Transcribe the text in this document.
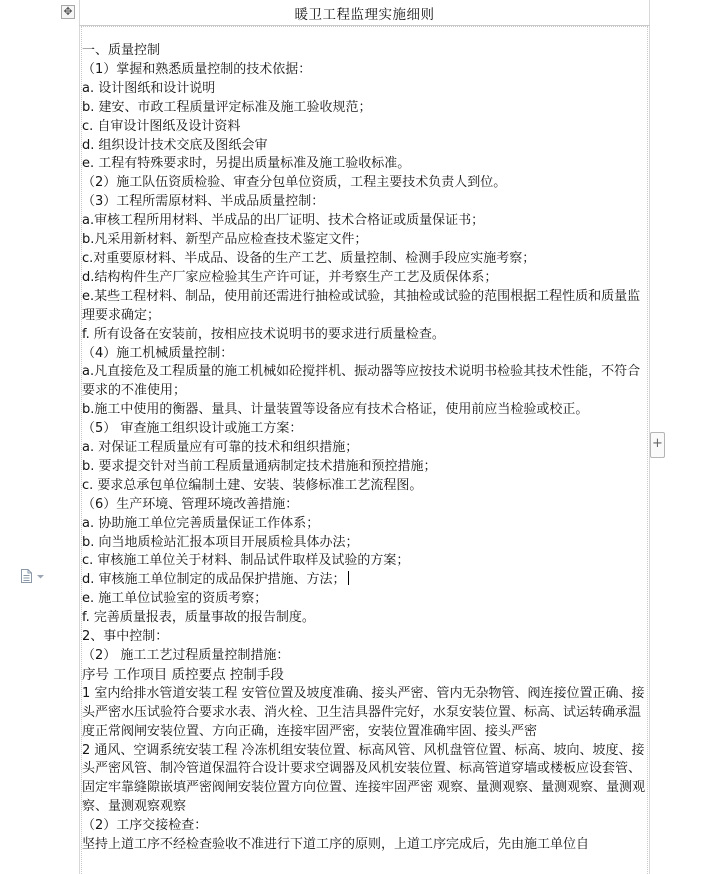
✥	暖卫工程监理实施细则
+

一、质量控制

（1）掌握和熟悉质量控制的技术依据：

a. 设计图纸和设计说明

b. 建安、市政工程质量评定标准及施工验收规范；

c. 自审设计图纸及设计资料

d. 组织设计技术交底及图纸会审

e. 工程有特殊要求时，另提出质量标准及施工验收标准。

（2）施工队伍资质检验、审查分包单位资质，工程主要技术负责人到位。

（3）工程所需原材料、半成品质量控制：

a.审核工程所用材料、半成品的出厂证明、技术合格证或质量保证书；

b.凡采用新材料、新型产品应检查技术鉴定文件；

c.对重要原材料、半成品、设备的生产工艺、质量控制、检测手段应实施考察；

d.结构构件生产厂家应检验其生产许可证，并考察生产工艺及质保体系；

e.某些工程材料、制品，使用前还需进行抽检或试验，其抽检或试验的范围根据工程性质和质量监理要求确定；

f. 所有设备在安装前，按相应技术说明书的要求进行质量检查。

（4）施工机械质量控制：

a.凡直接危及工程质量的施工机械如砼搅拌机、振动器等应按技术说明书检验其技术性能，不符合要求的不准使用；

b.施工中使用的衡器、量具、计量装置等设备应有技术合格证，使用前应当检验或校正。

（5） 审查施工组织设计或施工方案：

a. 对保证工程质量应有可靠的技术和组织措施；

b. 要求提交针对当前工程质量通病制定技术措施和预控措施；

c. 要求总承包单位编制土建、安装、装修标准工艺流程图。

（6）生产环境、管理环境改善措施：

a. 协助施工单位完善质量保证工作体系；

b. 向当地质检站汇报本项目开展质检具体办法；

c. 审核施工单位关于材料、制品试件取样及试验的方案；

d. 审核施工单位制定的成品保护措施、方法；

e. 施工单位试验室的资质考察；

f. 完善质量报表，质量事故的报告制度。

2、事中控制：

（2） 施工工艺过程质量控制措施：

序号 工作项目 质控要点 控制手段

1 室内给排水管道安装工程 安管位置及坡度准确、接头严密、管内无杂物管、阀连接位置正确、接头严密水压试验符合要求水表、消火栓、卫生洁具器件完好，水泵安装位置、标高、试运转确承温度正常阀闸安装位置、方向正确，连接牢固严密，安装位置准确牢固、接头严密

2 通风、空调系统安装工程 冷冻机组安装位置、标高风管、风机盘管位置、标高、坡向、坡度、接头严密风管、制冷管道保温符合设计要求空调器及风机安装位置、标高管道穿墙或楼板应设套管、固定牢靠缝隙嵌填严密阀闸安装位置方向位置、连接牢固严密 观察、量测观察、量测观察、量测观察、量测观察观察

（2）工序交接检查：

坚持上道工序不经检查验收不准进行下道工序的原则，上道工序完成后，先由施工单位自
